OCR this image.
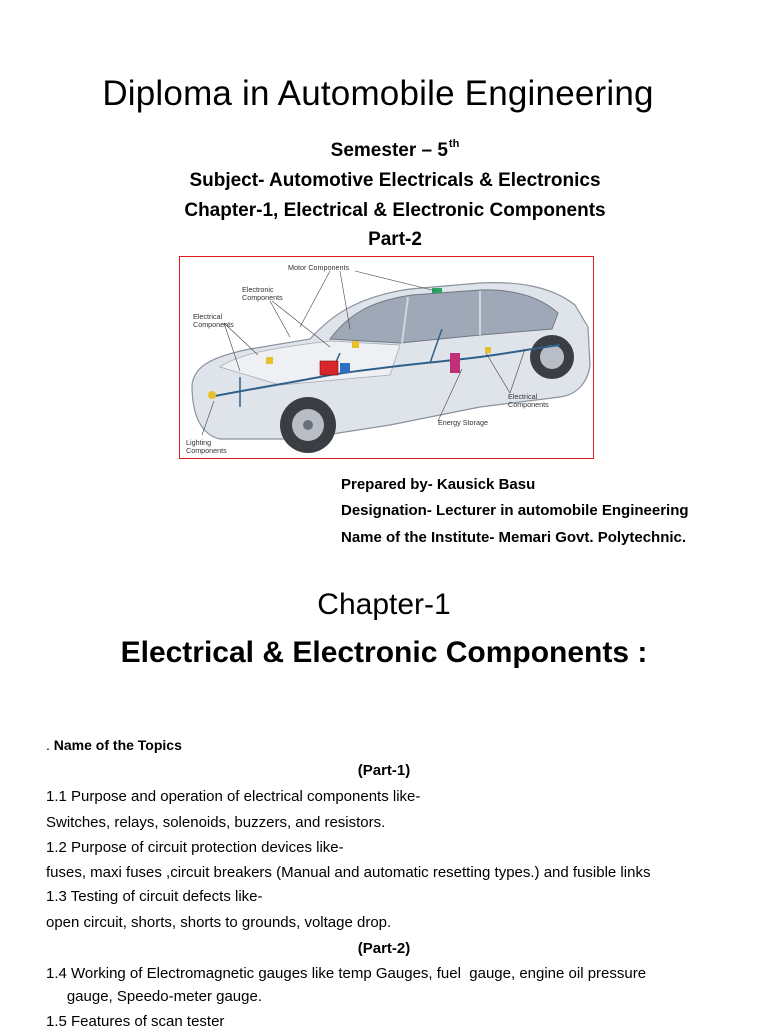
Diploma in Automobile Engineering
Semester – 5th
Subject- Automotive Electricals & Electronics
Chapter-1, Electrical & Electronic Components
Part-2
Motor Components
Electronic
Components
Electrical
Components
Electrical
Components
Energy Storage
Lighting
Components
Prepared by- Kausick Basu
Designation- Lecturer in automobile Engineering
Name of the Institute- Memari Govt. Polytechnic.
Chapter-1
Electrical & Electronic Components :
. Name of the Topics
(Part-1)
1.1 Purpose and operation of electrical components like-
Switches, relays, solenoids, buzzers, and resistors.
1.2 Purpose of circuit protection devices like-
fuses, maxi fuses ,circuit breakers (Manual and automatic resetting types.) and fusible links
1.3 Testing of circuit defects like-
open circuit, shorts, shorts to grounds, voltage drop.
(Part-2)
1.4 Working of Electromagnetic gauges like temp Gauges, fuel  gauge, engine oil pressure
gauge, Speedo-meter gauge.
1.5 Features of scan tester
